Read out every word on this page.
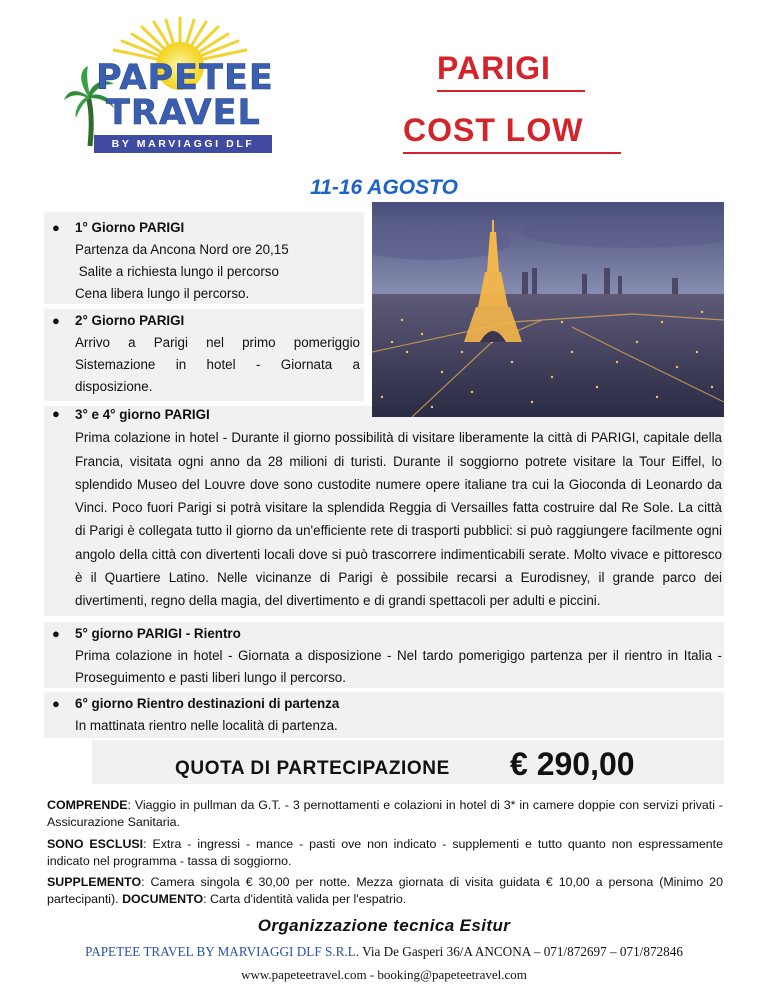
PAPETEE
TRAVEL
BY MARVIAGGI DLF
PARIGI
COST LOW
11-16 AGOSTO
● 1° Giorno PARIGI

Partenza da Ancona Nord ore 20,15

Salite a richiesta lungo il percorso

Cena libera lungo il percorso.

● 2° Giorno PARIGI

Arrivo a Parigi nel primo pomeriggio

Sistemazione in hotel - Giornata a

disposizione.

● 3° e 4° giorno PARIGI

Prima colazione in hotel - Durante il giorno possibilità di visitare liberamente la città di PARIGI, capitale della Francia, visitata ogni anno da 28 milioni di turisti. Durante il soggiorno potrete visitare la Tour Eiffel, lo splendido Museo del Louvre dove sono custodite numere opere italiane tra cui la Gioconda di Leonardo da Vinci. Poco fuori Parigi si potrà visitare la splendida Reggia di Versailles fatta costruire dal Re Sole. La città di Parigi è collegata tutto il giorno da un'efficiente rete di trasporti pubblici: si può raggiungere facilmente ogni angolo della città con divertenti locali dove si può trascorrere indimenticabili serate. Molto vivace e pittoresco è il Quartiere Latino. Nelle vicinanze di Parigi è possibile recarsi a Eurodisney, il grande parco dei divertimenti, regno della magia, del divertimento e di grandi spettacoli per adulti e piccini.

● 5° giorno PARIGI - Rientro

Prima colazione in hotel - Giornata a disposizione - Nel tardo pomerigigo partenza per il rientro in Italia - Proseguimento e pasti liberi lungo il percorso.

● 6° giorno Rientro destinazioni di partenza

In mattinata rientro nelle località di partenza.

QUOTA DI PARTECIPAZIONE € 290,00
COMPRENDE: Viaggio in pullman da G.T. - 3 pernottamenti e colazioni in hotel di 3* in camere doppie con servizi privati - Assicurazione Sanitaria.
SONO ESCLUSI: Extra - ingressi - mance - pasti ove non indicato - supplementi e tutto quanto non espressamente indicato nel programma - tassa di soggiorno.
SUPPLEMENTO: Camera singola € 30,00 per notte. Mezza giornata di visita guidata € 10,00 a persona (Minimo 20 partecipanti). DOCUMENTO: Carta d'identità valida per l'espatrio.
Organizzazione tecnica Esitur
PAPETEE TRAVEL BY MARVIAGGI DLF S.R.L. Via De Gasperi 36/A ANCONA – 071/872697 – 071/872846
www.papeteetravel.com - booking@papeteetravel.com
